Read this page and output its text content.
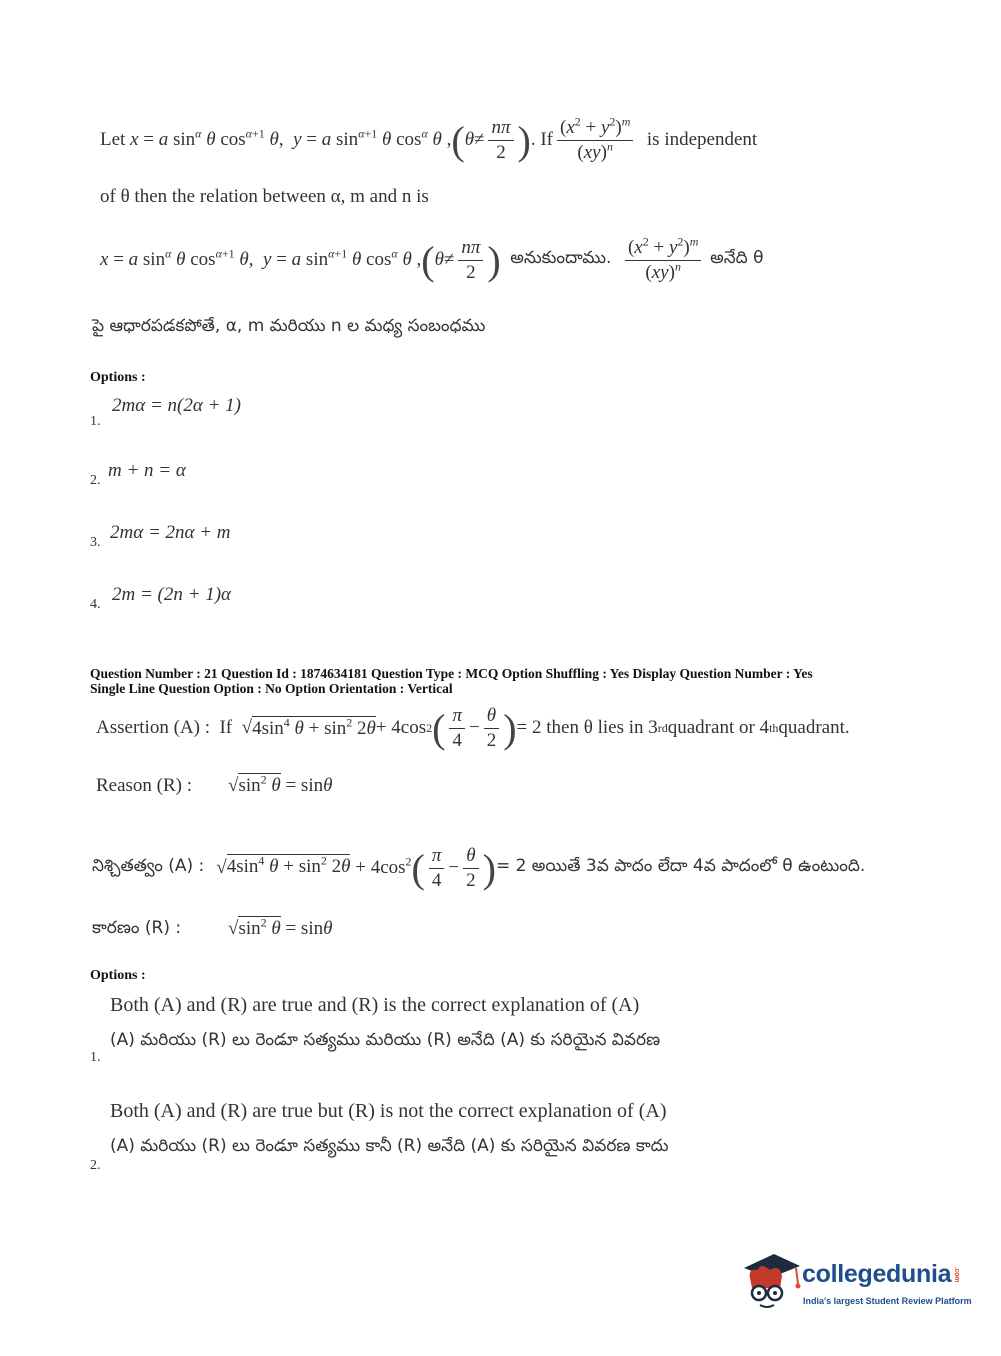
Let
x = a $\sin^\alpha \theta$ $\cos^{\alpha+1} \theta$,  y = a $\sin^{\alpha+1} \theta$ $\cos^\alpha \theta$ , ( $\theta \ne \frac{n\pi}{2}$ ) . If $\frac{(x^2 + y^2)^m}{(xy)^n}$
is independent
of θ then the relation between α, m and n is
x = a $\sin^\alpha \theta$ $\cos^{\alpha+1} \theta$,  y = a $\sin^{\alpha+1} \theta$ $\cos^\alpha \theta$ , ( $\theta \ne \frac{n\pi}{2}$ )
అనుకుందాము.
$\frac{(x^2 + y^2)^m}{(xy)^n}$
అనేది θ
పై ఆధారపడకపోతే, α, m మరియు n ల మధ్య సంబంధము
Options :
2mα = n(2α + 1)
1.
m + n = α
2.
2mα = 2nα + m
3.
2m = (2n + 1)α
4.
Question Number : 21 Question Id : 1874634181 Question Type : MCQ Option Shuffling : Yes Display Question Number : Yes
Single Line Question Option : No Option Orientation : Vertical
Assertion (A) :
If √ $4\sin^4$ $\theta + \sin^2 2\theta + 4\cos$ 2 ( $\frac{\pi}{4} - \frac{\theta}{2}$ ) = 2 then θ lies in 3 rd quadrant or 4 th quadrant.
Reason (R) : $√\sin^2$ θ = sinθ
నిశ్చితత్వం (A) :
$√4\sin^4$ $\theta + \sin^2 2\theta + 4\cos^2( \frac{\pi}{4} - \frac{\theta}{2}$ ) = 2 అయితే 3వ పాదం లేదా 4వ పాదంలో θ ఉంటుంది.
కారణం (R) : $√\sin^2$ θ = sinθ
Options :
Both (A) and (R) are true and (R) is the correct explanation of (A)
(A) మరియు (R) లు రెండూ సత్యము మరియు (R) అనేది (A) కు సరియైన వివరణ
1.
Both (A) and (R) are true but (R) is not the correct explanation of (A)
(A) మరియు (R) లు రెండూ సత్యము కానీ (R) అనేది (A) కు సరియైన వివరణ కాదు
2.
collegedunia .com
India's largest Student Review Platform
